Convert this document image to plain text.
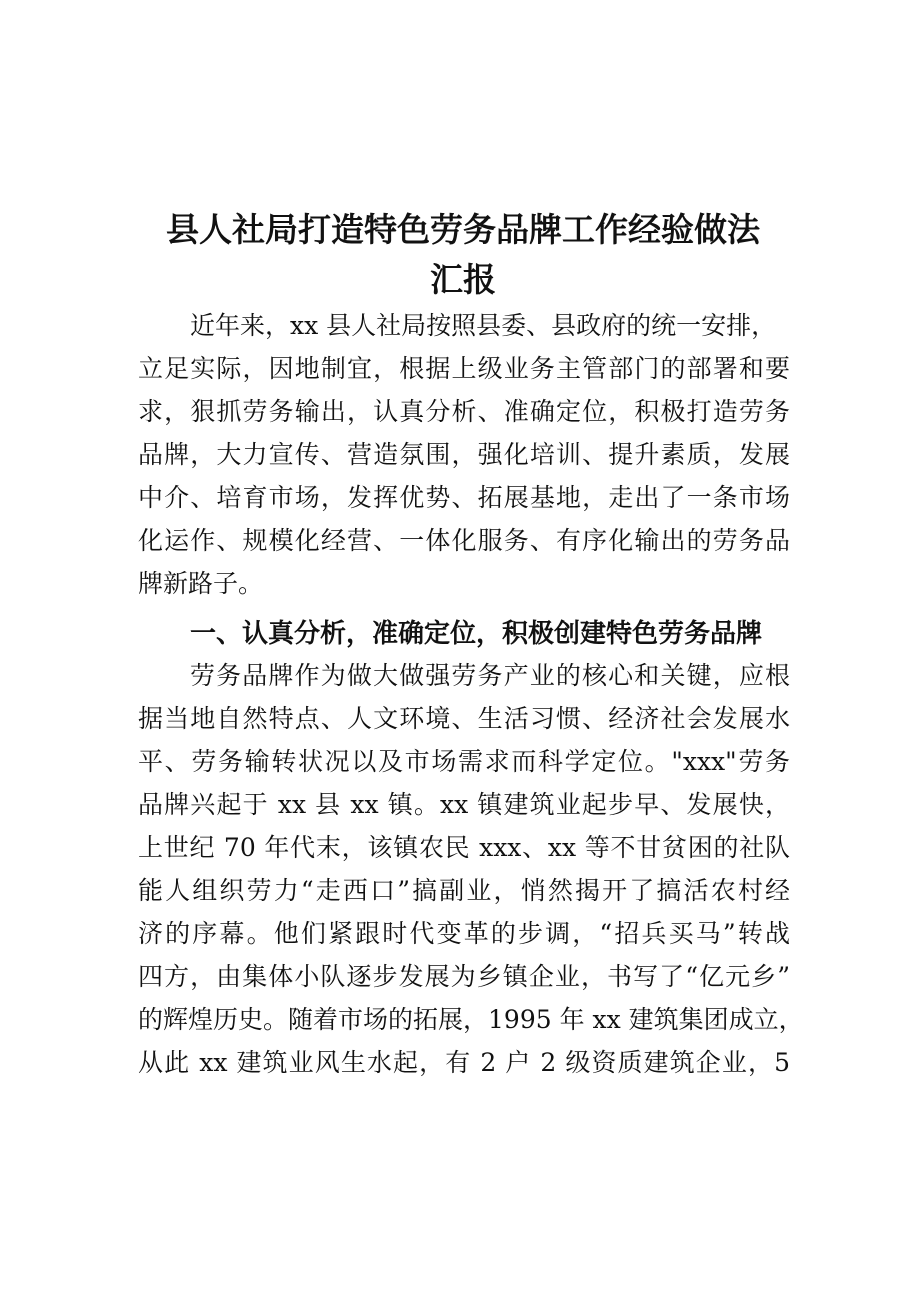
县人社局打造特色劳务品牌工作经验做法
汇报
近年来，xx 县人社局按照县委、县政府的统一安排，
立足实际，因地制宜，根据上级业务主管部门的部署和要
求，狠抓劳务输出，认真分析、准确定位，积极打造劳务
品牌，大力宣传、营造氛围，强化培训、提升素质，发展
中介、培育市场，发挥优势、拓展基地，走出了一条市场
化运作、规模化经营、一体化服务、有序化输出的劳务品
牌新路子。
一、认真分析，准确定位，积极创建特色劳务品牌
劳务品牌作为做大做强劳务产业的核心和关键，应根
据当地自然特点、人文环境、生活习惯、经济社会发展水
平、劳务输转状况以及市场需求而科学定位。"xxx"劳务
品牌兴起于 xx 县 xx 镇。xx 镇建筑业起步早、发展快，
上世纪 70 年代末，该镇农民 xxx、xx 等不甘贫困的社队
能人组织劳力“走西口”搞副业，悄然揭开了搞活农村经
济的序幕。他们紧跟时代变革的步调，“招兵买马”转战
四方，由集体小队逐步发展为乡镇企业，书写了“亿元乡”
的辉煌历史。随着市场的拓展，1995 年 xx 建筑集团成立，
从此 xx 建筑业风生水起，有 2 户 2 级资质建筑企业，5
